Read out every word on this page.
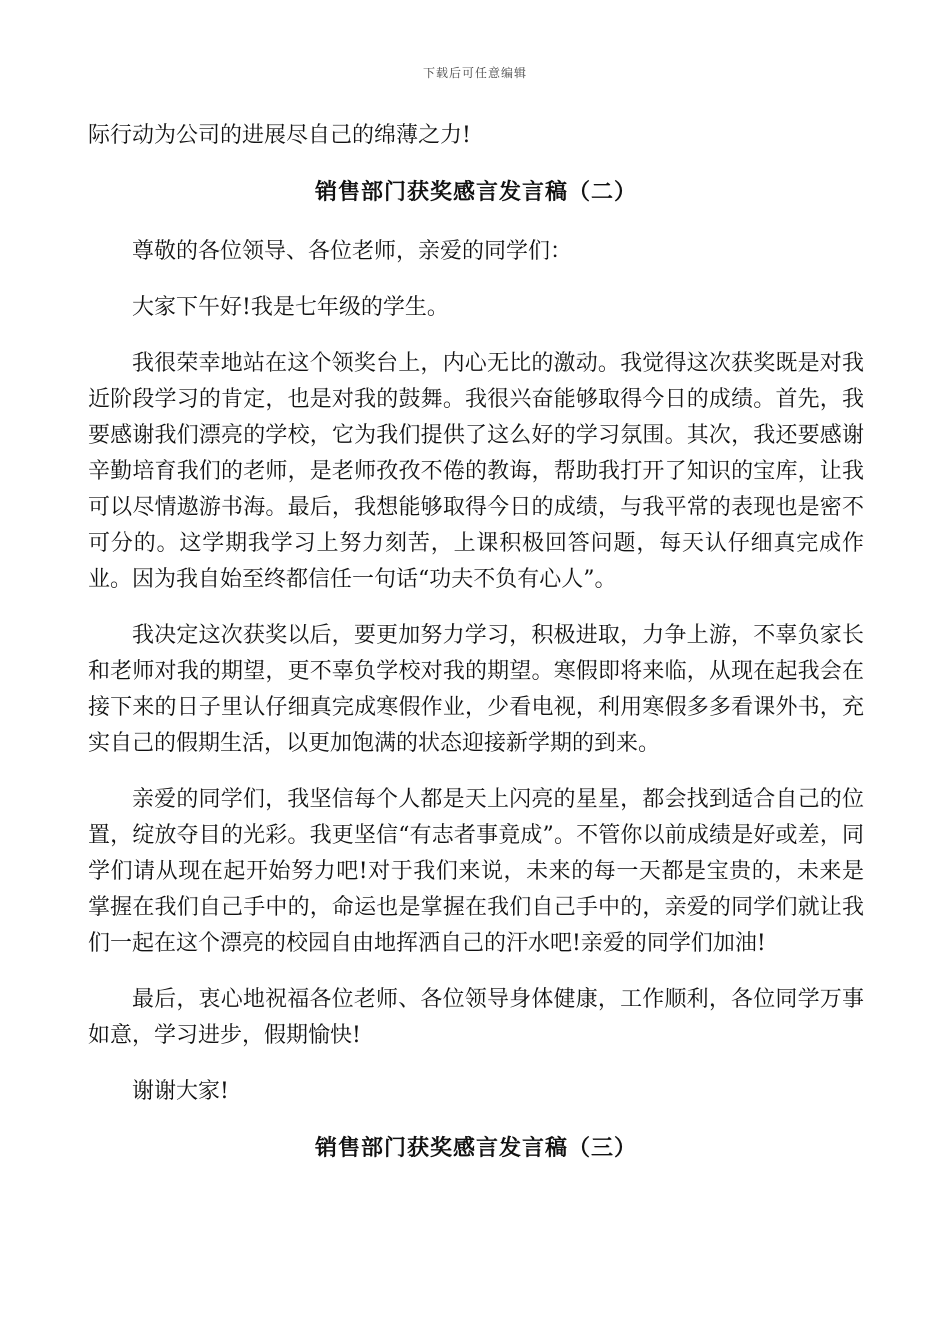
下载后可任意编辑

际行动为公司的进展尽自己的绵薄之力!

销售部门获奖感言发言稿（二）

尊敬的各位领导、各位老师，亲爱的同学们：

大家下午好!我是七年级的学生。

我很荣幸地站在这个领奖台上，内心无比的激动。我觉得这次获奖既是对我近阶段学习的肯定，也是对我的鼓舞。我很兴奋能够取得今日的成绩。首先，我要感谢我们漂亮的学校，它为我们提供了这么好的学习氛围。其次，我还要感谢辛勤培育我们的老师，是老师孜孜不倦的教诲，帮助我打开了知识的宝库，让我可以尽情遨游书海。最后，我想能够取得今日的成绩，与我平常的表现也是密不可分的。这学期我学习上努力刻苦，上课积极回答问题，每天认仔细真完成作业。因为我自始至终都信任一句话“功夫不负有心人”。

我决定这次获奖以后，要更加努力学习，积极进取，力争上游，不辜负家长和老师对我的期望，更不辜负学校对我的期望。寒假即将来临，从现在起我会在接下来的日子里认仔细真完成寒假作业，少看电视，利用寒假多多看课外书，充实自己的假期生活，以更加饱满的状态迎接新学期的到来。

亲爱的同学们，我坚信每个人都是天上闪亮的星星，都会找到适合自己的位置，绽放夺目的光彩。我更坚信“有志者事竟成”。不管你以前成绩是好或差，同学们请从现在起开始努力吧!对于我们来说，未来的每一天都是宝贵的，未来是掌握在我们自己手中的，命运也是掌握在我们自己手中的，亲爱的同学们就让我们一起在这个漂亮的校园自由地挥洒自己的汗水吧!亲爱的同学们加油!

最后，衷心地祝福各位老师、各位领导身体健康，工作顺利，各位同学万事如意，学习进步，假期愉快!

谢谢大家!

销售部门获奖感言发言稿（三）
